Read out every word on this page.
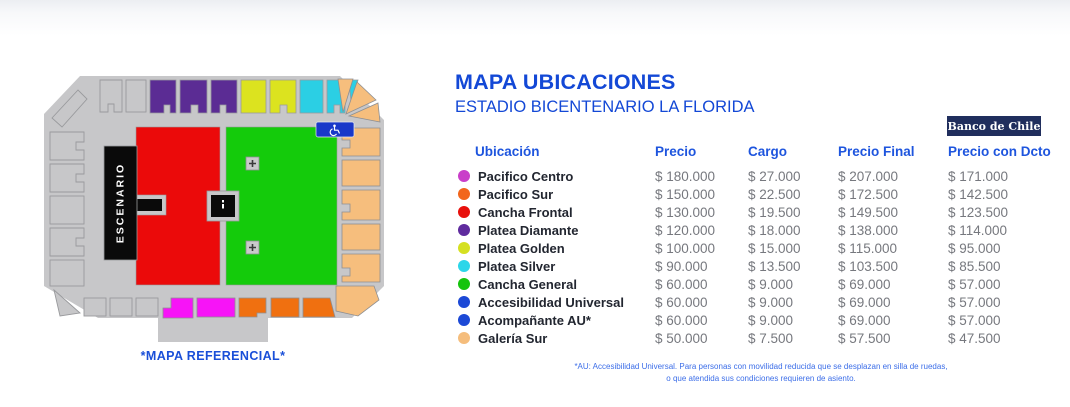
ESCENARIO
*MAPA REFERENCIAL*
MAPA UBICACIONES
ESTADIO BICENTENARIO LA FLORIDA
Banco de Chile
Ubicación	Precio	Cargo	Precio Final	Precio con Dcto
Pacifico Centro	$ 180.000	$ 27.000	$ 207.000	$ 171.000
Pacifico Sur	$ 150.000	$ 22.500	$ 172.500	$ 142.500
Cancha Frontal	$ 130.000	$ 19.500	$ 149.500	$ 123.500
Platea Diamante	$ 120.000	$ 18.000	$ 138.000	$ 114.000
Platea Golden	$ 100.000	$ 15.000	$ 115.000	$ 95.000
Platea Silver	$ 90.000	$ 13.500	$ 103.500	$ 85.500
Cancha General	$ 60.000	$ 9.000	$ 69.000	$ 57.000
Accesibilidad Universal $ 60.000	$ 9.000	$ 69.000	$ 57.000
Acompañante AU*	$ 60.000	$ 9.000	$ 69.000	$ 57.000
Galería Sur	$ 50.000	$ 7.500	$ 57.500	$ 47.500
*AU: Accesibilidad Universal. Para personas con movilidad reducida que se desplazan en silla de ruedas,
o que atendida sus condiciones requieren de asiento.
